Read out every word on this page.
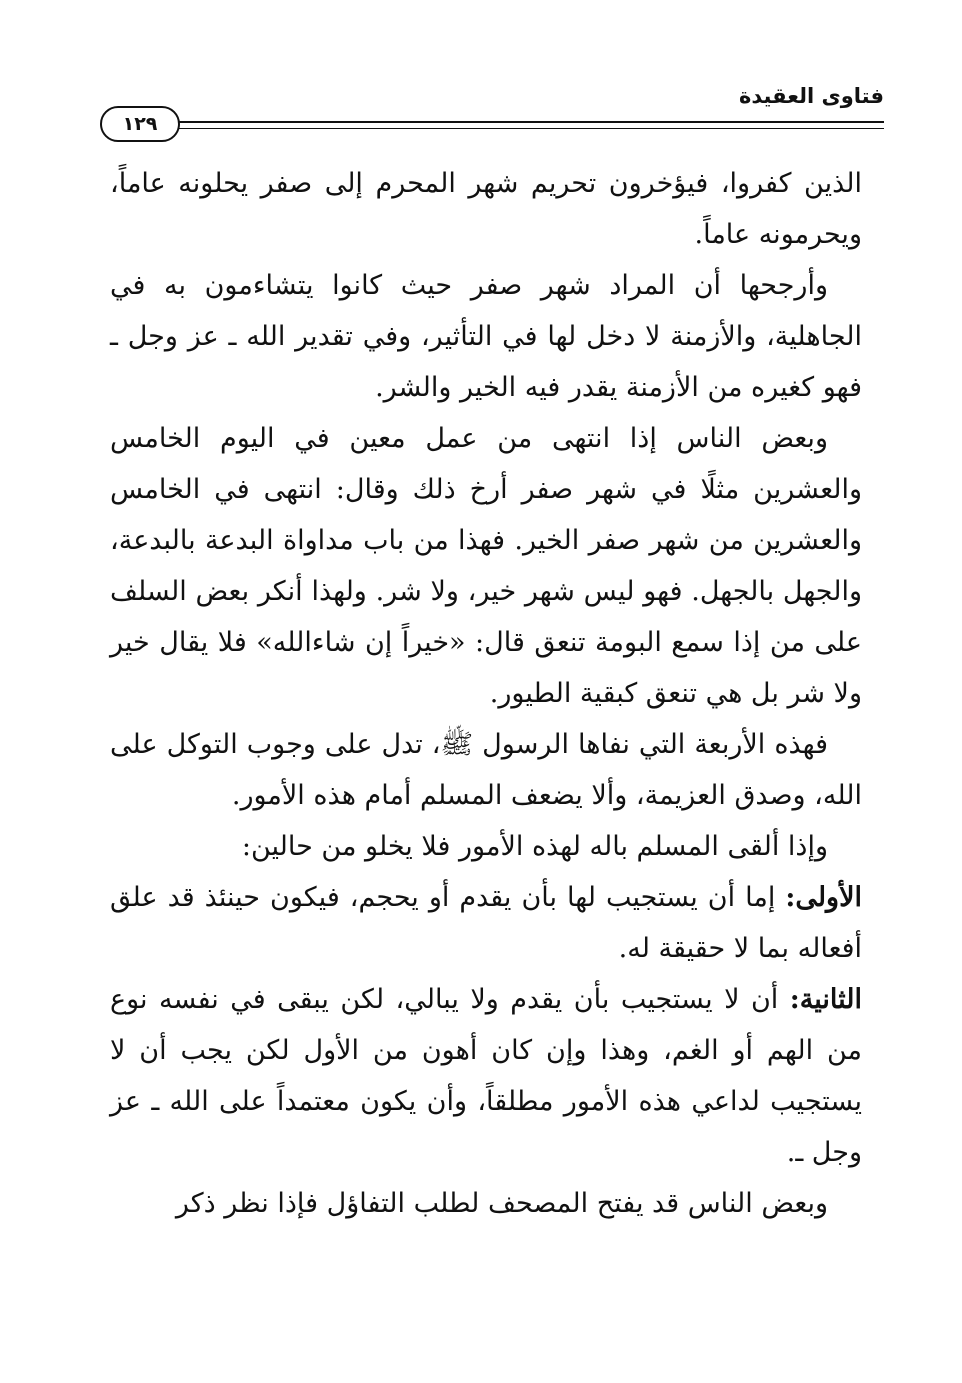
فتاوى العقيدة
١٢٩

الذين كفروا، فيؤخرون تحريم شهر المحرم إلى صفر يحلونه عاماً، ويحرمونه عاماً.

وأرجحها أن المراد شهر صفر حيث كانوا يتشاءمون به في الجاهلية، والأزمنة لا دخل لها في التأثير، وفي تقدير الله ـ عز وجل ـ فهو كغيره من الأزمنة يقدر فيه الخير والشر.

وبعض الناس إذا انتهى من عمل معين في اليوم الخامس والعشرين مثلًا في شهر صفر أرخ ذلك وقال: انتهى في الخامس والعشرين من شهر صفر الخير. فهذا من باب مداواة البدعة بالبدعة، والجهل بالجهل. فهو ليس شهر خير، ولا شر. ولهذا أنكر بعض السلف على من إذا سمع البومة تنعق قال: «خيراً إن شاءالله» فلا يقال خير ولا شر بل هي تنعق كبقية الطيور.

فهذه الأربعة التي نفاها الرسول ﷺ، تدل على وجوب التوكل على الله، وصدق العزيمة، وألا يضعف المسلم أمام هذه الأمور.

وإذا ألقى المسلم باله لهذه الأمور فلا يخلو من حالين:

الأولى: إما أن يستجيب لها بأن يقدم أو يحجم، فيكون حينئذ قد علق أفعاله بما لا حقيقة له.

الثانية: أن لا يستجيب بأن يقدم ولا يبالي، لكن يبقى في نفسه نوع من الهم أو الغم، وهذا وإن كان أهون من الأول لكن يجب أن لا يستجيب لداعي هذه الأمور مطلقاً، وأن يكون معتمداً على الله ـ عز وجل ـ.

وبعض الناس قد يفتح المصحف لطلب التفاؤل فإذا نظر ذكر
